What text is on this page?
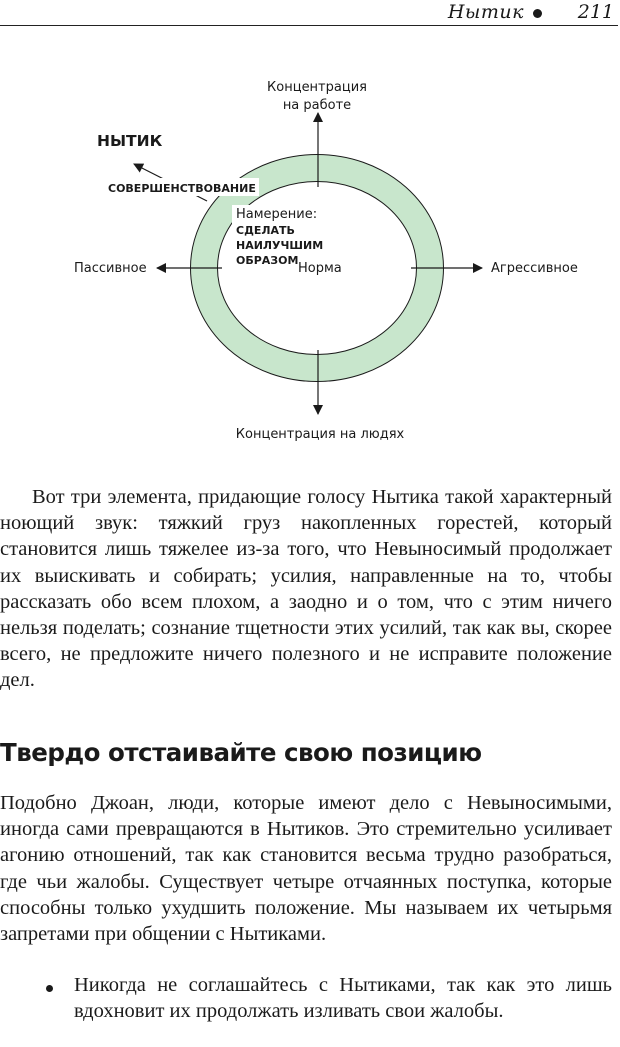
Нытик	211
Концентрация
на работе
Концентрация на людях
Пассивное	Агрессивное
НЫТИК
СОВЕРШЕНСТВОВАНИЕ
Намерение:
СДЕЛАТЬ
НАИЛУЧШИМ
ОБРАЗОМ
Норма

Вот три элемента, придающие голосу Нытика такой характерный ноющий звук: тяжкий груз накопленных горестей, который становится лишь тяжелее из-за того, что Невыносимый продолжает их выискивать и собирать; усилия, направленные на то, чтобы рассказать обо всем плохом, а заодно и о том, что с этим ничего нельзя поделать; сознание тщетности этих усилий, так как вы, скорее всего, не предложите ничего полезного и не исправите положение дел.

Твердо отстаивайте свою позицию

Подобно Джоан, люди, которые имеют дело с Невыносимыми, иногда сами превращаются в Нытиков. Это стремительно усиливает агонию отношений, так как становится весьма трудно разобраться, где чьи жалобы. Существует четыре отчаянных поступка, которые способны только ухудшить положение. Мы называем их четырьмя запретами при общении с Нытиками.

Никогда не соглашайтесь с Нытиками, так как это лишь вдохновит их продолжать изливать свои жалобы.
